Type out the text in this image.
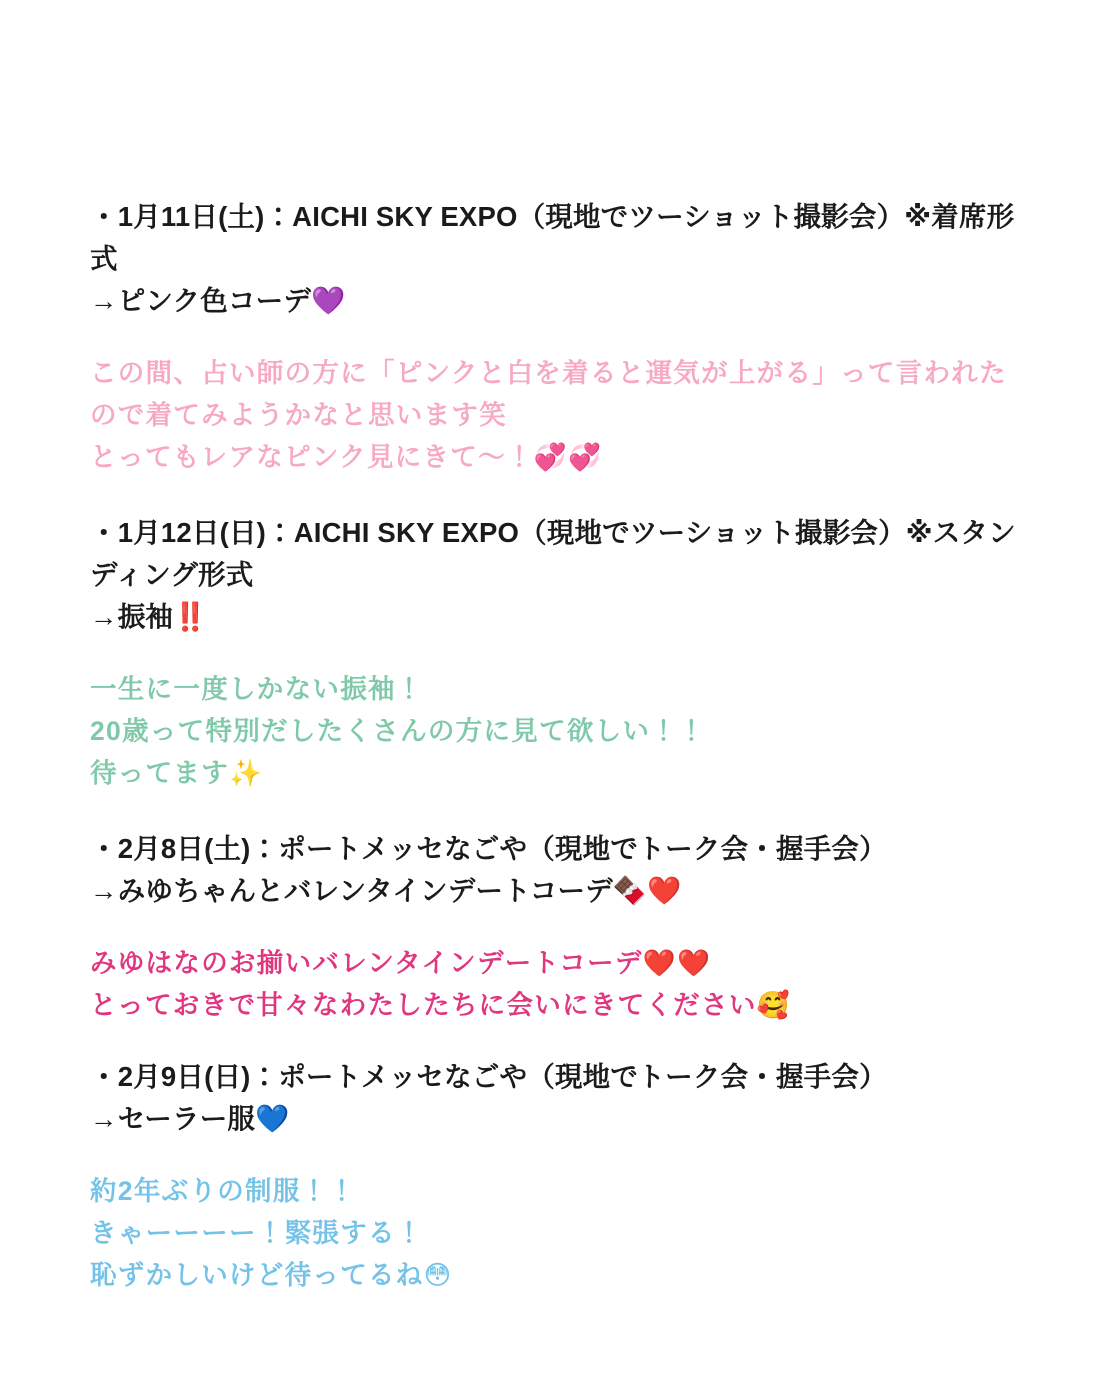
・1月11日(土)：AICHI SKY EXPO（現地でツーショット撮影会）※着席形式
→ピンク色コーデ💜
この間、占い師の方に「ピンクと白を着ると運気が上がる」って言われたので着てみようかなと思います笑
とってもレアなピンク見にきて〜！💞💞
・1月12日(日)：AICHI SKY EXPO（現地でツーショット撮影会）※スタンディング形式
→振袖‼️
一生に一度しかない振袖！
20歳って特別だしたくさんの方に見て欲しい！！
待ってます✨
・2月8日(土)：ポートメッセなごや（現地でトーク会・握手会）
→みゆちゃんとバレンタインデートコーデ🍫❤️
みゆはなのお揃いバレンタインデートコーデ❤️❤️
とっておきで甘々なわたしたちに会いにきてください🥰
・2月9日(日)：ポートメッセなごや（現地でトーク会・握手会）
→セーラー服💙
約2年ぶりの制服！！
きゃーーーー！緊張する！
恥ずかしいけど待ってるね😳
